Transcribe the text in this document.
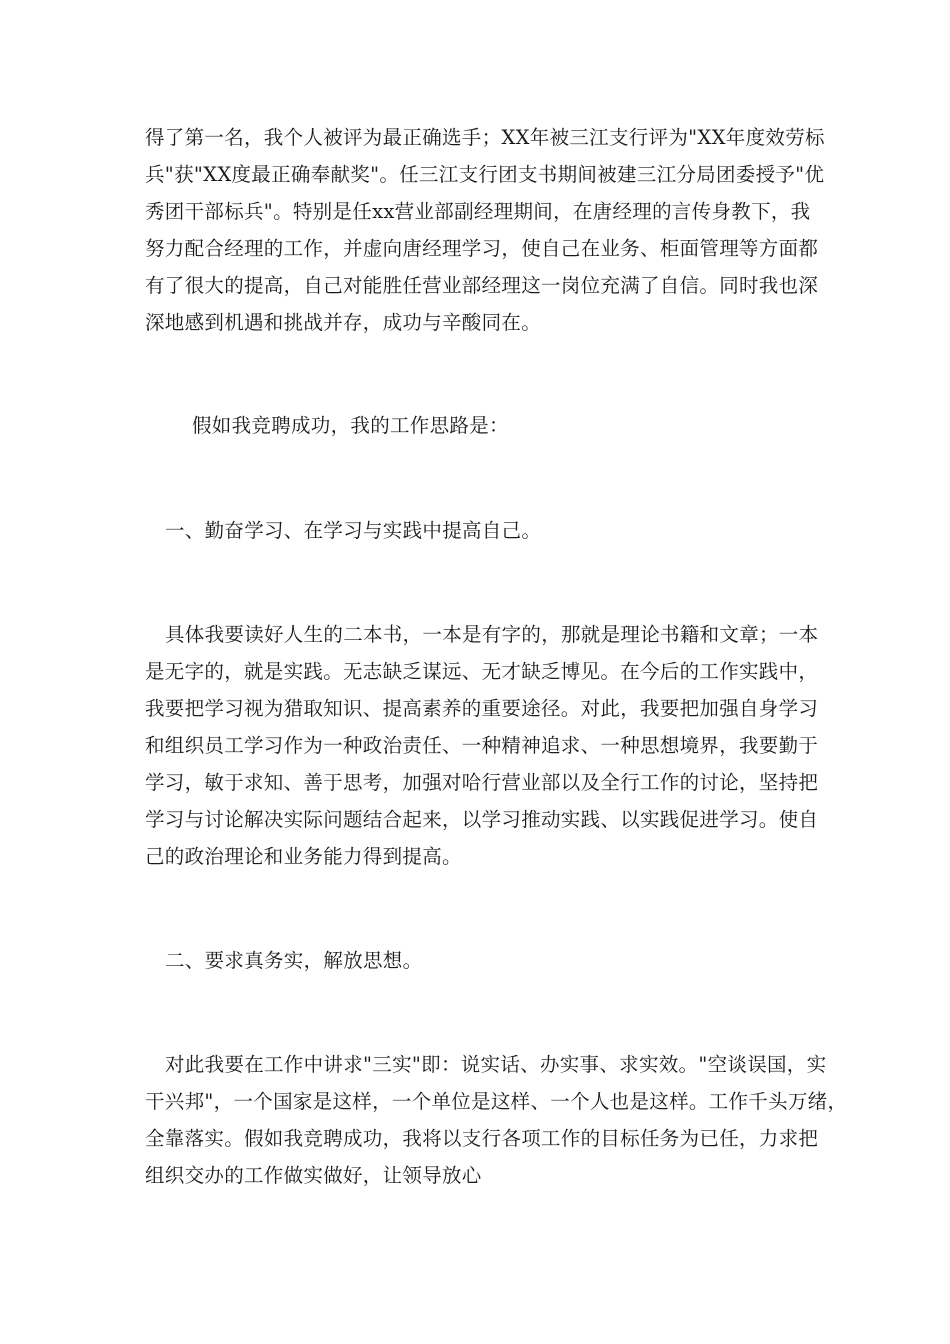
得了第一名，我个人被评为最正确选手；XX年被三江支行评为"XX年度效劳标
兵"获"XX度最正确奉献奖"。任三江支行团支书期间被建三江分局团委授予"优
秀团干部标兵"。特别是任xx营业部副经理期间，在唐经理的言传身教下，我
努力配合经理的工作，并虚向唐经理学习，使自己在业务、柜面管理等方面都
有了很大的提高，自己对能胜任营业部经理这一岗位充满了自信。同时我也深
深地感到机遇和挑战并存，成功与辛酸同在。
假如我竞聘成功，我的工作思路是：
一、勤奋学习、在学习与实践中提高自己。
具体我要读好人生的二本书，一本是有字的，那就是理论书籍和文章；一本
是无字的，就是实践。无志缺乏谋远、无才缺乏博见。在今后的工作实践中，
我要把学习视为猎取知识、提高素养的重要途径。对此，我要把加强自身学习
和组织员工学习作为一种政治责任、一种精神追求、一种思想境界，我要勤于
学习，敏于求知、善于思考，加强对哈行营业部以及全行工作的讨论，坚持把
学习与讨论解决实际问题结合起来，以学习推动实践、以实践促进学习。使自
己的政治理论和业务能力得到提高。
二、要求真务实，解放思想。
对此我要在工作中讲求"三实"即：说实话、办实事、求实效。"空谈误国，实
干兴邦"，一个国家是这样，一个单位是这样、一个人也是这样。工作千头万绪，
全靠落实。假如我竞聘成功，我将以支行各项工作的目标任务为已任，力求把
组织交办的工作做实做好，让领导放心
